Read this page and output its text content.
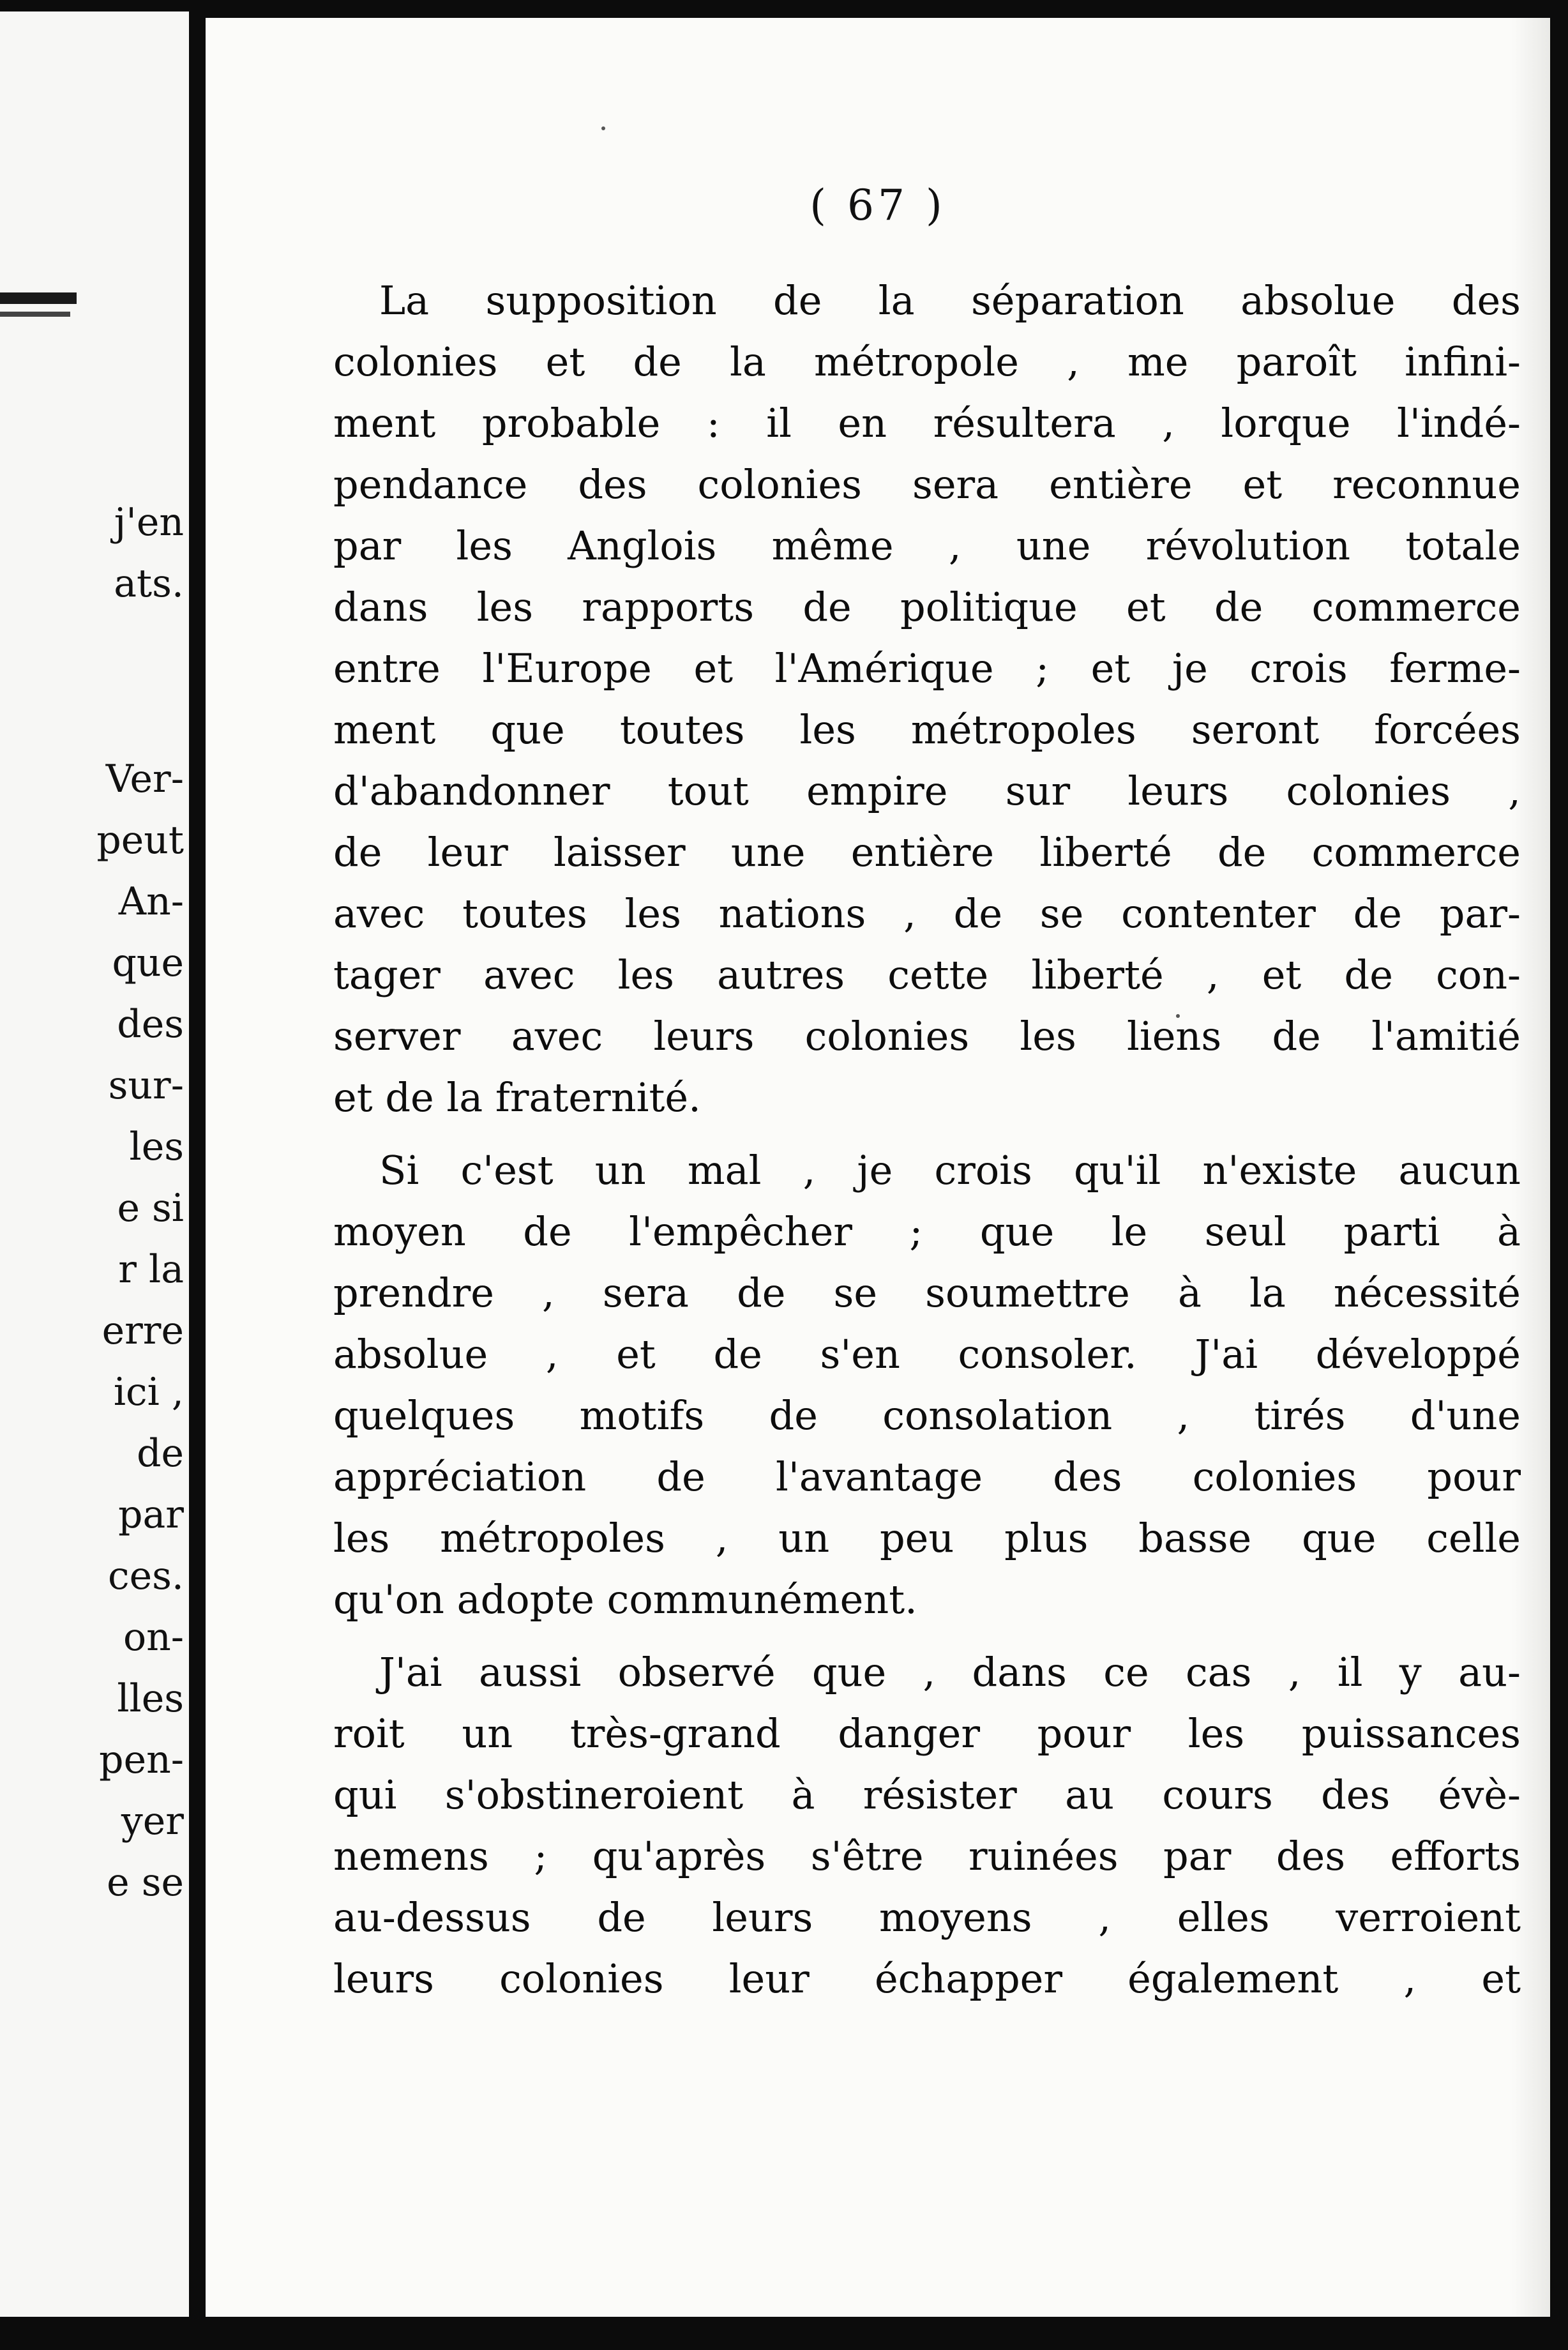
j'en
ats.
Ver-
peut
An-
que
des
sur-
les
e si
r la
erre
ici ,
de
par
ces.
on-
lles
pen-
yer
e se
( 67 )
La supposition de la séparation absolue des
colonies et de la métropole , me paroît infini-
ment probable : il en résultera , lorque l'indé-
pendance des colonies sera entière et reconnue
par les Anglois même , une révolution totale
dans les rapports de politique et de commerce
entre l'Europe et l'Amérique ; et je crois ferme-
ment que toutes les métropoles seront forcées
d'abandonner tout empire sur leurs colonies ,
de leur laisser une entière liberté de commerce
avec toutes les nations , de se contenter de par-
tager avec les autres cette liberté , et de con-
server avec leurs colonies les liens de l'amitié
et de la fraternité.
Si c'est un mal , je crois qu'il n'existe aucun
moyen de l'empêcher ; que le seul parti à
prendre , sera de se soumettre à la nécessité
absolue , et de s'en consoler. J'ai développé
quelques motifs de consolation , tirés d'une
appréciation de l'avantage des colonies pour
les métropoles , un peu plus basse que celle
qu'on adopte communément.
J'ai aussi observé que , dans ce cas , il y au-
roit un très-grand danger pour les puissances
qui s'obstineroient à résister au cours des évè-
nemens ; qu'après s'être ruinées par des efforts
au-dessus de leurs moyens , elles verroient
leurs colonies leur échapper également , et
